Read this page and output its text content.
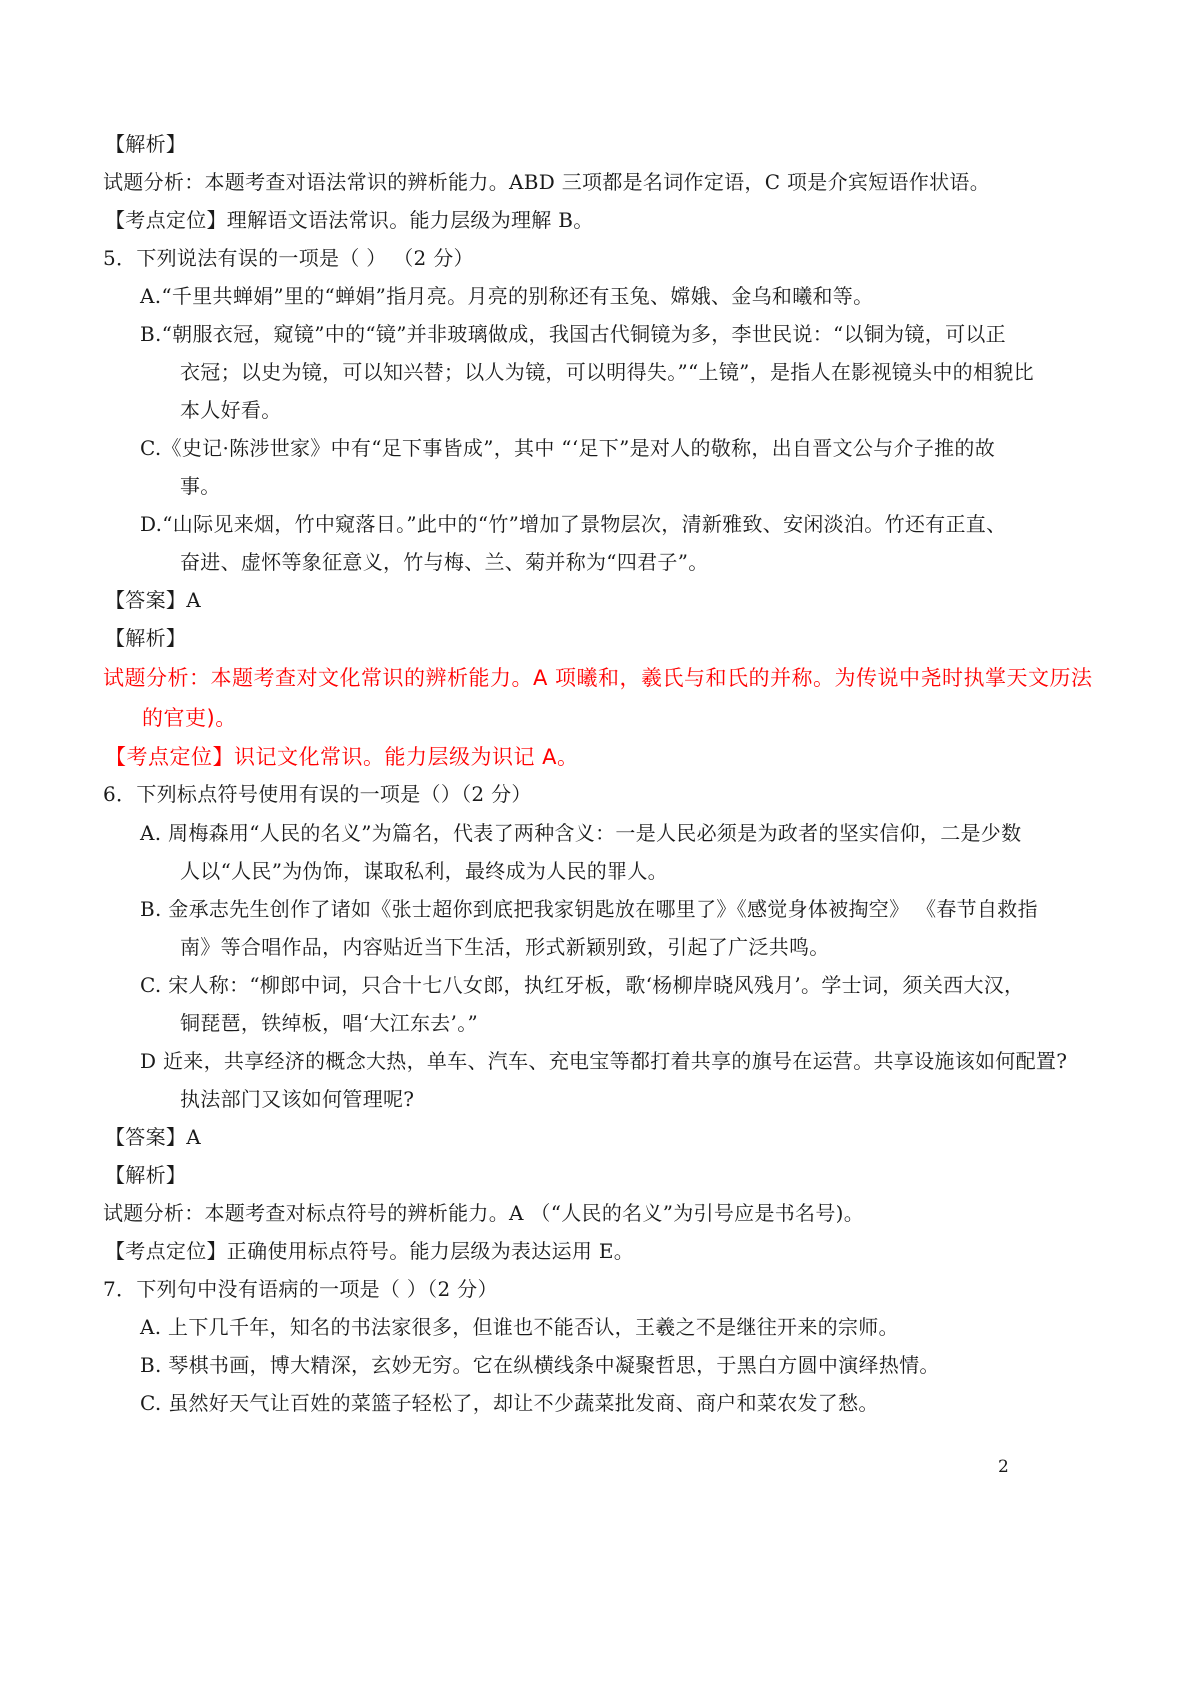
【解析】
试题分析：本题考查对语法常识的辨析能力。ABD 三项都是名词作定语，C 项是介宾短语作状语。
【考点定位】理解语文语法常识。能力层级为理解 B。
5．下列说法有误的一项是（ ） （2 分）
A.“千里共蝉娟”里的“蝉娟”指月亮。月亮的别称还有玉兔、嫦娥、金乌和曦和等。
B.“朝服衣冠，窥镜”中的“镜”并非玻璃做成，我国古代铜镜为多，李世民说：“以铜为镜，可以正
衣冠；以史为镜，可以知兴替；以人为镜，可以明得失。”“上镜”，是指人在影视镜头中的相貌比
本人好看。
C.《史记·陈涉世家》中有“足下事皆成”，其中 “‘足下”是对人的敬称，出自晋文公与介子推的故
事。
D.“山际见来烟，竹中窥落日。”此中的“竹”增加了景物层次，清新雅致、安闲淡泊。竹还有正直、
奋进、虚怀等象征意义，竹与梅、兰、菊并称为“四君子”。
【答案】A
【解析】
试题分析：本题考查对文化常识的辨析能力。A 项曦和，羲氏与和氏的并称。为传说中尧时执掌天文历法
的官吏)。
【考点定位】识记文化常识。能力层级为识记 A。
6．下列标点符号使用有误的一项是（）（2 分）
A. 周梅森用“人民的名义”为篇名，代表了两种含义：一是人民必须是为政者的坚实信仰，二是少数
人以“人民”为伪饰，谋取私利，最终成为人民的罪人。
B. 金承志先生创作了诸如《张士超你到底把我家钥匙放在哪里了》《感觉身体被掏空》 《春节自救指
南》等合唱作品，内容贴近当下生活，形式新颖别致，引起了广泛共鸣。
C. 宋人称：“柳郎中词，只合十七八女郎，执红牙板，歌‘杨柳岸晓风残月’。学士词，须关西大汉，
铜琵琶，铁绰板，唱‘大江东去’。”
D 近来，共享经济的概念大热，单车、汽车、充电宝等都打着共享的旗号在运营。共享设施该如何配置?
执法部门又该如何管理呢?
【答案】A
【解析】
试题分析：本题考查对标点符号的辨析能力。A （“人民的名义”为引号应是书名号)。
【考点定位】正确使用标点符号。能力层级为表达运用 E。
7．下列句中没有语病的一项是（ ）（2 分）
A. 上下几千年，知名的书法家很多，但谁也不能否认，王羲之不是继往开来的宗师。
B. 琴棋书画，博大精深，玄妙无穷。它在纵横线条中凝聚哲思，于黑白方圆中演绎热情。
C. 虽然好天气让百姓的菜篮子轻松了，却让不少蔬菜批发商、商户和菜农发了愁。
2
